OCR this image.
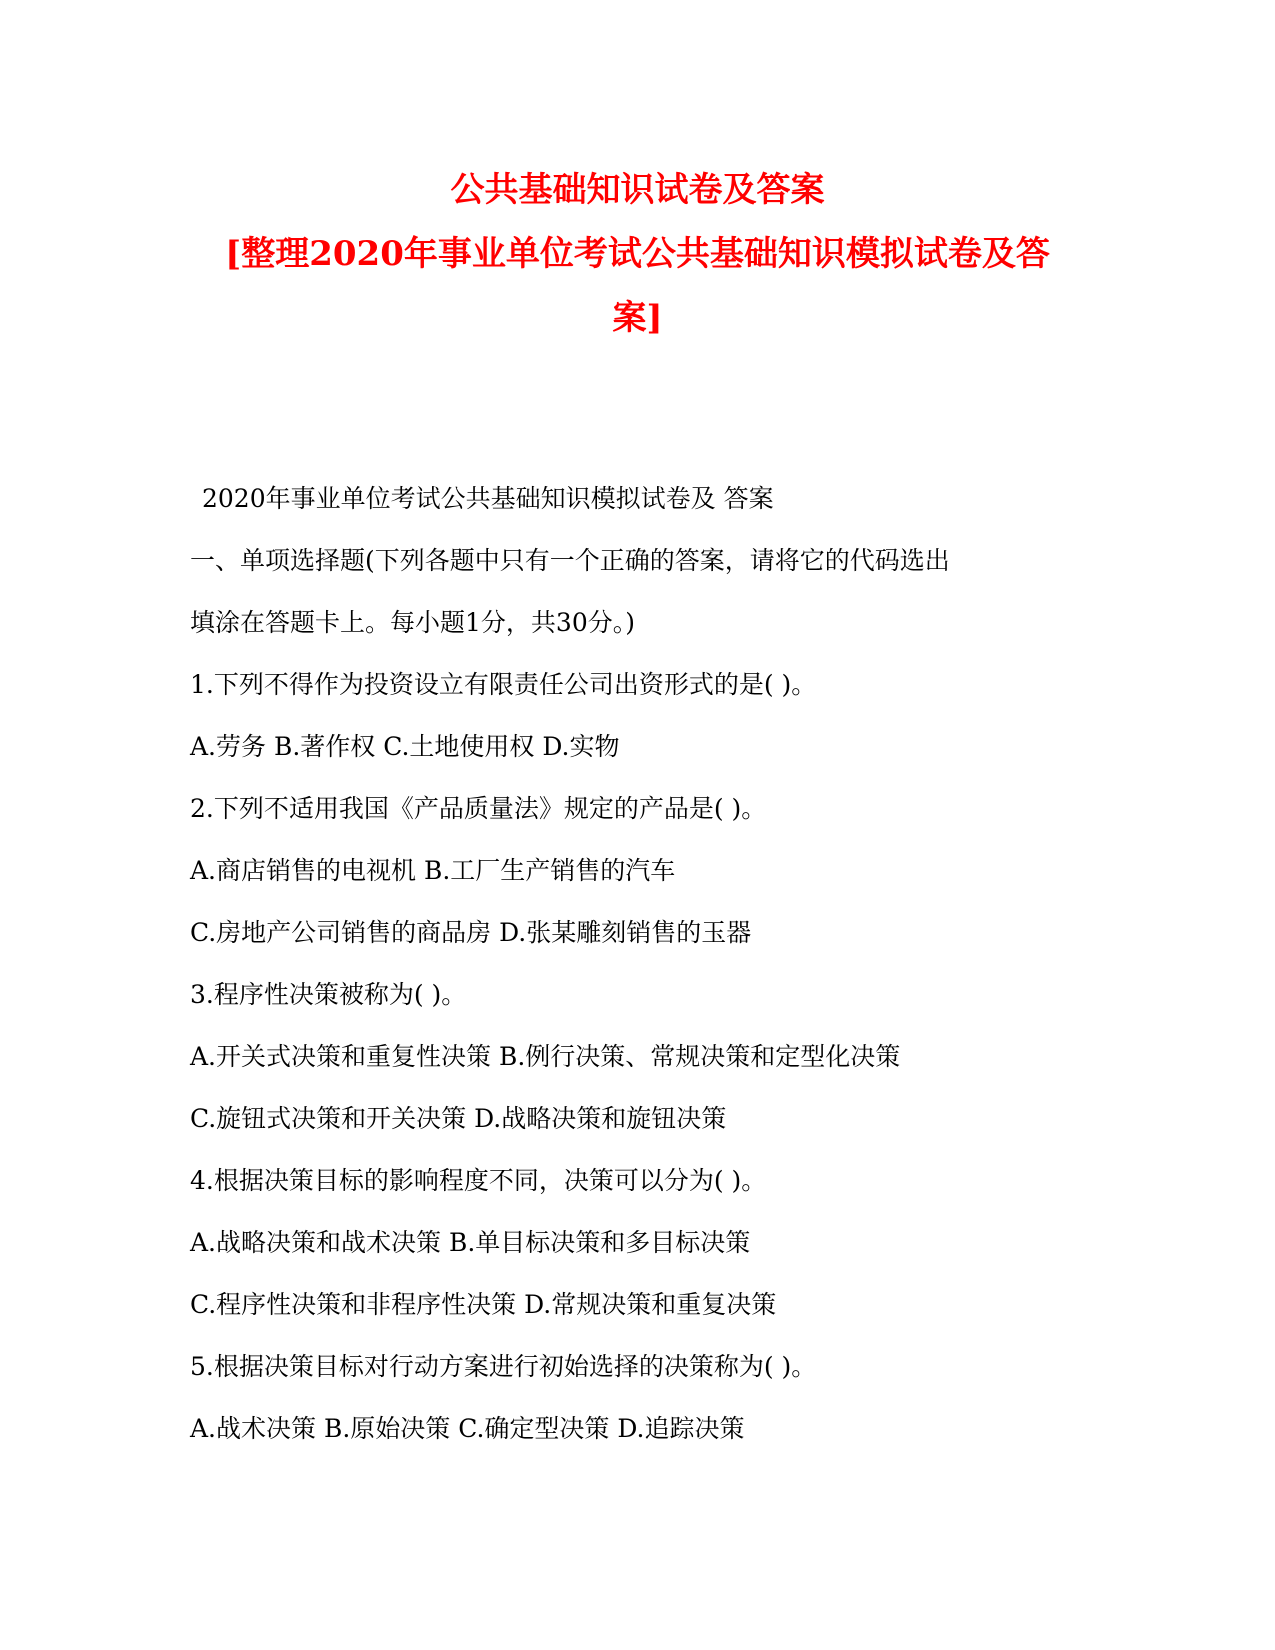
公共基础知识试卷及答案
[整理2020年事业单位考试公共基础知识模拟试卷及答
案]
2020年事业单位考试公共基础知识模拟试卷及 答案
一、单项选择题(下列各题中只有一个正确的答案，请将它的代码选出
填涂在答题卡上。每小题1分，共30分。)
1.下列不得作为投资设立有限责任公司出资形式的是( )。
A.劳务 B.著作权 C.土地使用权 D.实物
2.下列不适用我国《产品质量法》规定的产品是( )。
A.商店销售的电视机 B.工厂生产销售的汽车
C.房地产公司销售的商品房 D.张某雕刻销售的玉器
3.程序性决策被称为( )。
A.开关式决策和重复性决策 B.例行决策、常规决策和定型化决策
C.旋钮式决策和开关决策 D.战略决策和旋钮决策
4.根据决策目标的影响程度不同，决策可以分为( )。
A.战略决策和战术决策 B.单目标决策和多目标决策
C.程序性决策和非程序性决策 D.常规决策和重复决策
5.根据决策目标对行动方案进行初始选择的决策称为( )。
A.战术决策 B.原始决策 C.确定型决策 D.追踪决策
